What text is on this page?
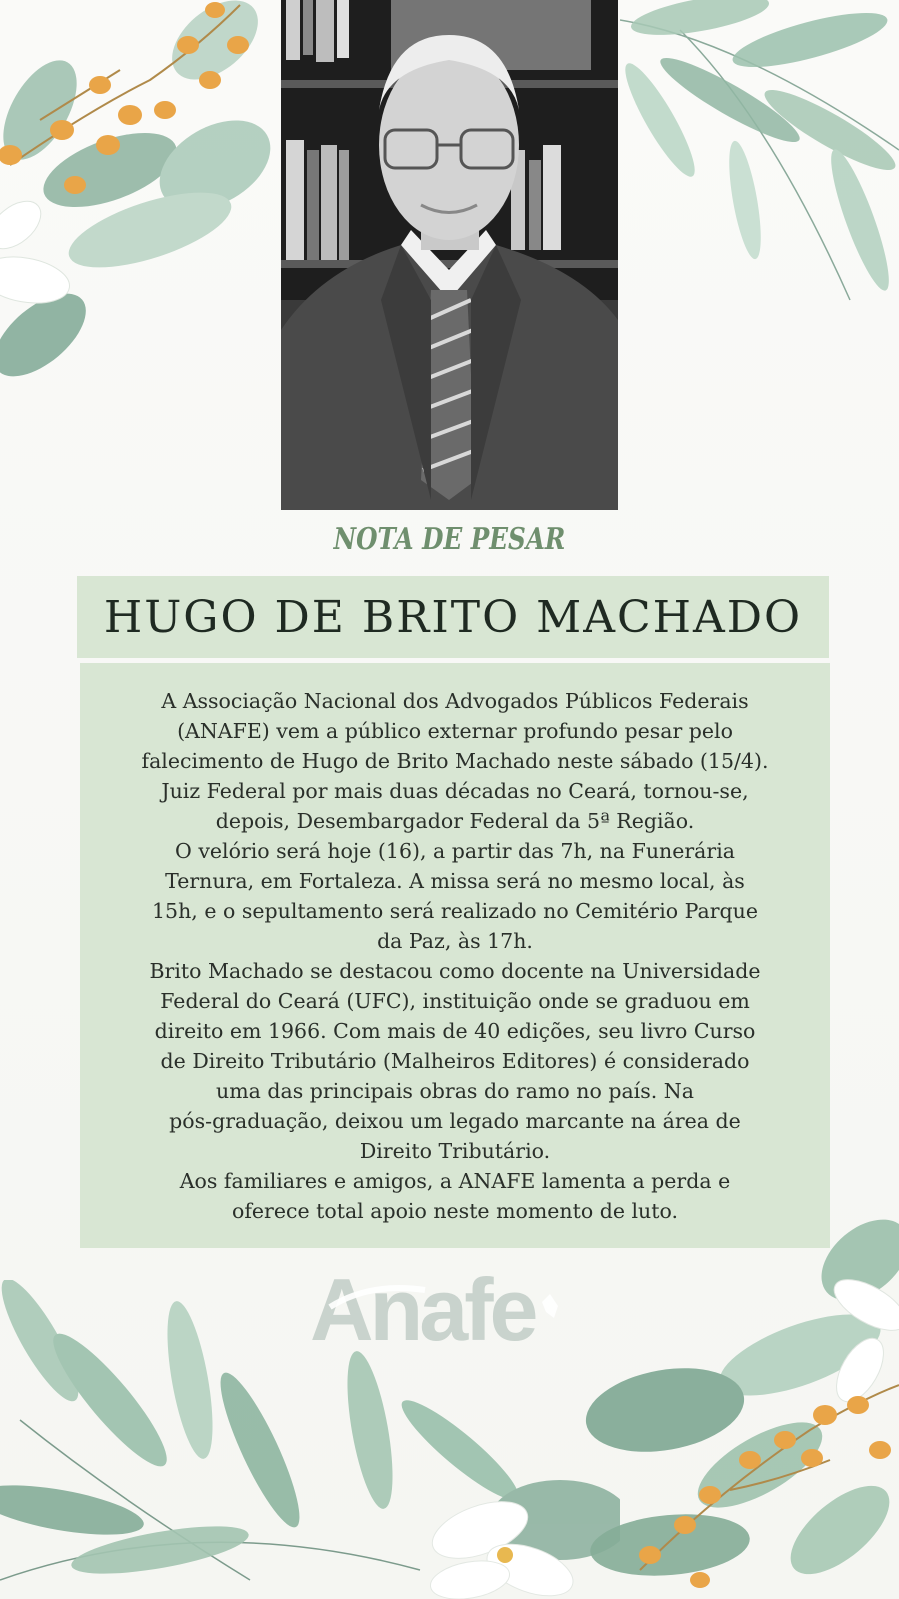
NOTA DE PESAR
HUGO DE BRITO MACHADO

A Associação Nacional dos Advogados Públicos Federais

(ANAFE) vem a público externar profundo pesar pelo

falecimento de Hugo de Brito Machado neste sábado (15/4).

Juiz Federal por mais duas décadas no Ceará, tornou-se,

depois, Desembargador Federal da 5ª Região.

O velório será hoje (16), a partir das 7h, na Funerária

Ternura, em Fortaleza. A missa será no mesmo local, às

15h, e o sepultamento será realizado no Cemitério Parque

da Paz, às 17h.

Brito Machado se destacou como docente na Universidade

Federal do Ceará (UFC), instituição onde se graduou em

direito em 1966. Com mais de 40 edições, seu livro Curso

de Direito Tributário (Malheiros Editores) é considerado

uma das principais obras do ramo no país. Na

pós-graduação, deixou um legado marcante na área de

Direito Tributário.

Aos familiares e amigos, a ANAFE lamenta a perda e

oferece total apoio neste momento de luto.

Anafe
